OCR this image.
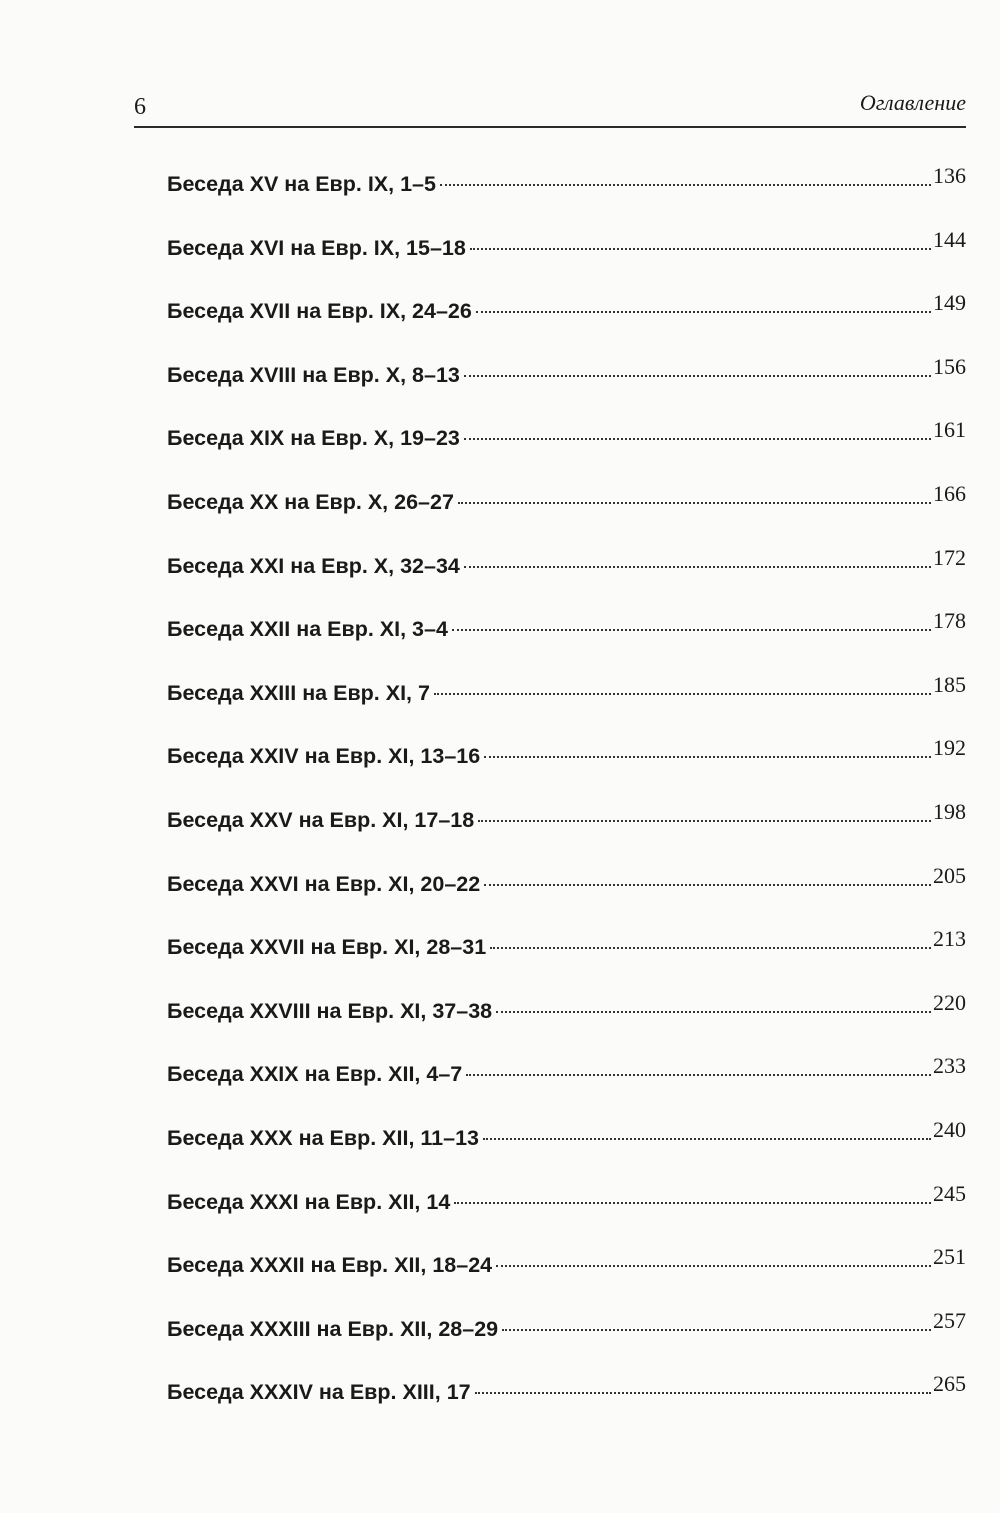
6	Оглавление
Беседа XV на Евр. IX, 1–5	136
Беседа XVI на Евр. IX, 15–18	144
Беседа XVII на Евр. IX, 24–26	149
Беседа XVIII на Евр. X, 8–13	156
Беседа XIX на Евр. X, 19–23	161
Беседа XX на Евр. X, 26–27	166
Беседа XXI на Евр. X, 32–34	172
Беседа XXII на Евр. XI, 3–4	178
Беседа XXIII на Евр. XI, 7	185
Беседа XXIV на Евр. XI, 13–16	192
Беседа XXV на Евр. XI, 17–18	198
Беседа XXVI на Евр. XI, 20–22	205
Беседа XXVII на Евр. XI, 28–31	213
Беседа XXVIII на Евр. XI, 37–38	220
Беседа XXIX на Евр. XII, 4–7	233
Беседа XXX на Евр. XII, 11–13	240
Беседа XXXI на Евр. XII, 14	245
Беседа XXXII на Евр. XII, 18–24	251
Беседа XXXIII на Евр. XII, 28–29	257
Беседа XXXIV на Евр. XIII, 17	265
